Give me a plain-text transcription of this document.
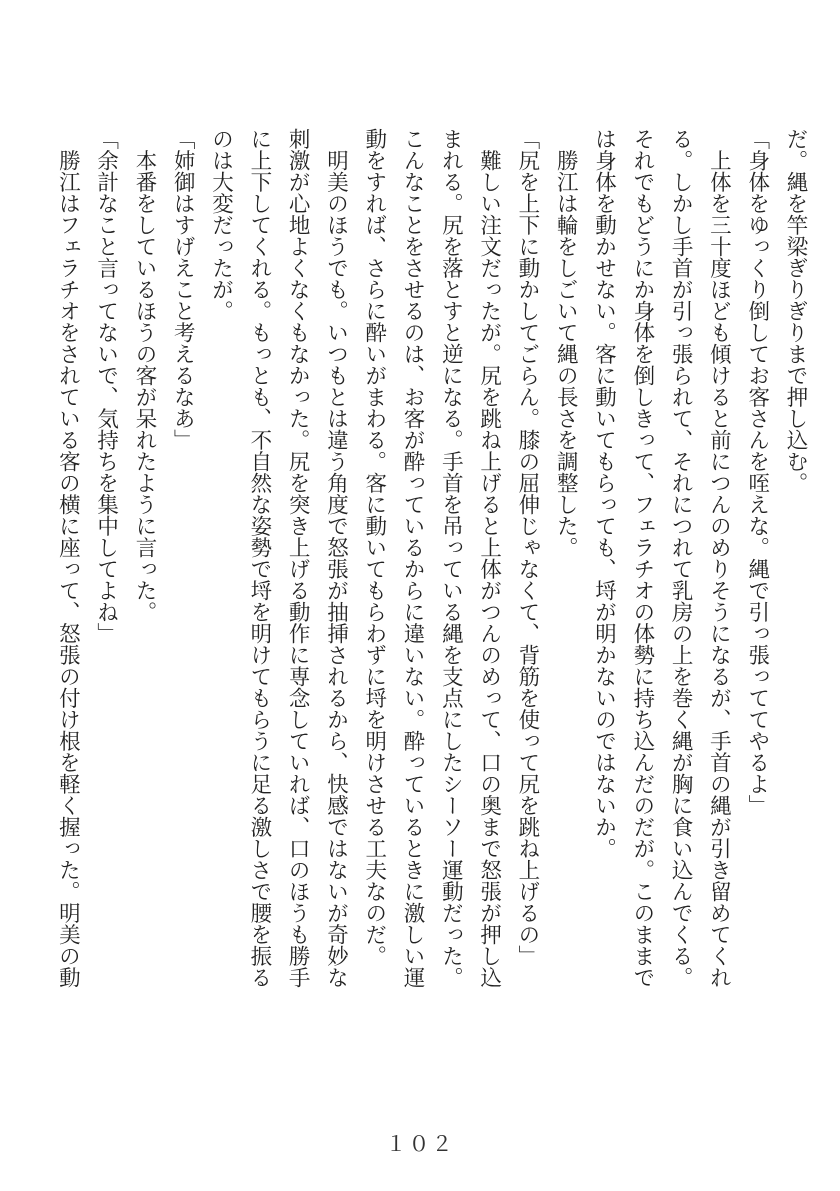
だ。縄を竿梁ぎりぎりまで押し込む。
「身体をゆっくり倒してお客さんを咥えな。縄で引っ張っててやるよ」
　上体を三十度ほども傾けると前につんのめりそうになるが、手首の縄が引き留めてくれ
る。しかし手首が引っ張られて、それにつれて乳房の上を巻く縄が胸に食い込んでくる。
それでもどうにか身体を倒しきって、フェラチオの体勢に持ち込んだのだが。このままで
は身体を動かせない。客に動いてもらっても、埒が明かないのではないか。
　勝江は輪をしごいて縄の長さを調整した。
「尻を上下に動かしてごらん。膝の屈伸じゃなくて、背筋を使って尻を跳ね上げるの」
　難しい注文だったが。尻を跳ね上げると上体がつんのめって、口の奥まで怒張が押し込
まれる。尻を落とすと逆になる。手首を吊っている縄を支点にしたシーソー運動だった。
こんなことをさせるのは、お客が酔っているからに違いない。酔っているときに激しい運
動をすれば、さらに酔いがまわる。客に動いてもらわずに埒を明けさせる工夫なのだ。
　明美のほうでも。いつもとは違う角度で怒張が抽挿されるから、快感ではないが奇妙な
刺激が心地よくなくもなかった。尻を突き上げる動作に専念していれば、口のほうも勝手
に上下してくれる。もっとも、不自然な姿勢で埒を明けてもらうに足る激しさで腰を振る
のは大変だったが。
「姉御はすげえこと考えるなあ」
　本番をしているほうの客が呆れたように言った。
「余計なこと言ってないで、気持ちを集中してよね」
　勝江はフェラチオをされている客の横に座って、怒張の付け根を軽く握った。明美の動
１０２
